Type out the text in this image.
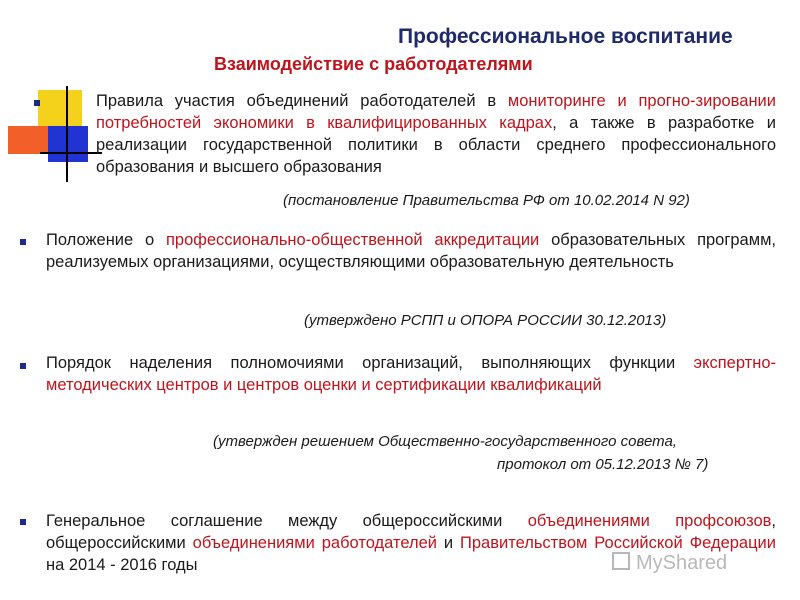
Профессиональное воспитание
Взаимодействие с работодателями
Правила участия объединений работодателей в мониторинге и прогно-зировании потребностей экономики в квалифицированных кадрах, а также в разработке и реализации государственной политики в области среднего профессионального образования и высшего образования
(постановление Правительства РФ от 10.02.2014 N 92)
Положение о профессионально-общественной аккредитации образовательных программ, реализуемых организациями, осуществляющими образовательную деятельность
(утверждено РСПП и ОПОРА РОССИИ 30.12.2013)
Порядок наделения полномочиями организаций, выполняющих функции экспертно-методических центров и центров оценки и сертификации квалификаций
(утвержден решением Общественно-государственного совета,
протокол от 05.12.2013 № 7)
Генеральное соглашение между общероссийскими объединениями профсоюзов, общероссийскими объединениями работодателей и Правительством Российской Федерации на 2014 - 2016 годы	MyShared
